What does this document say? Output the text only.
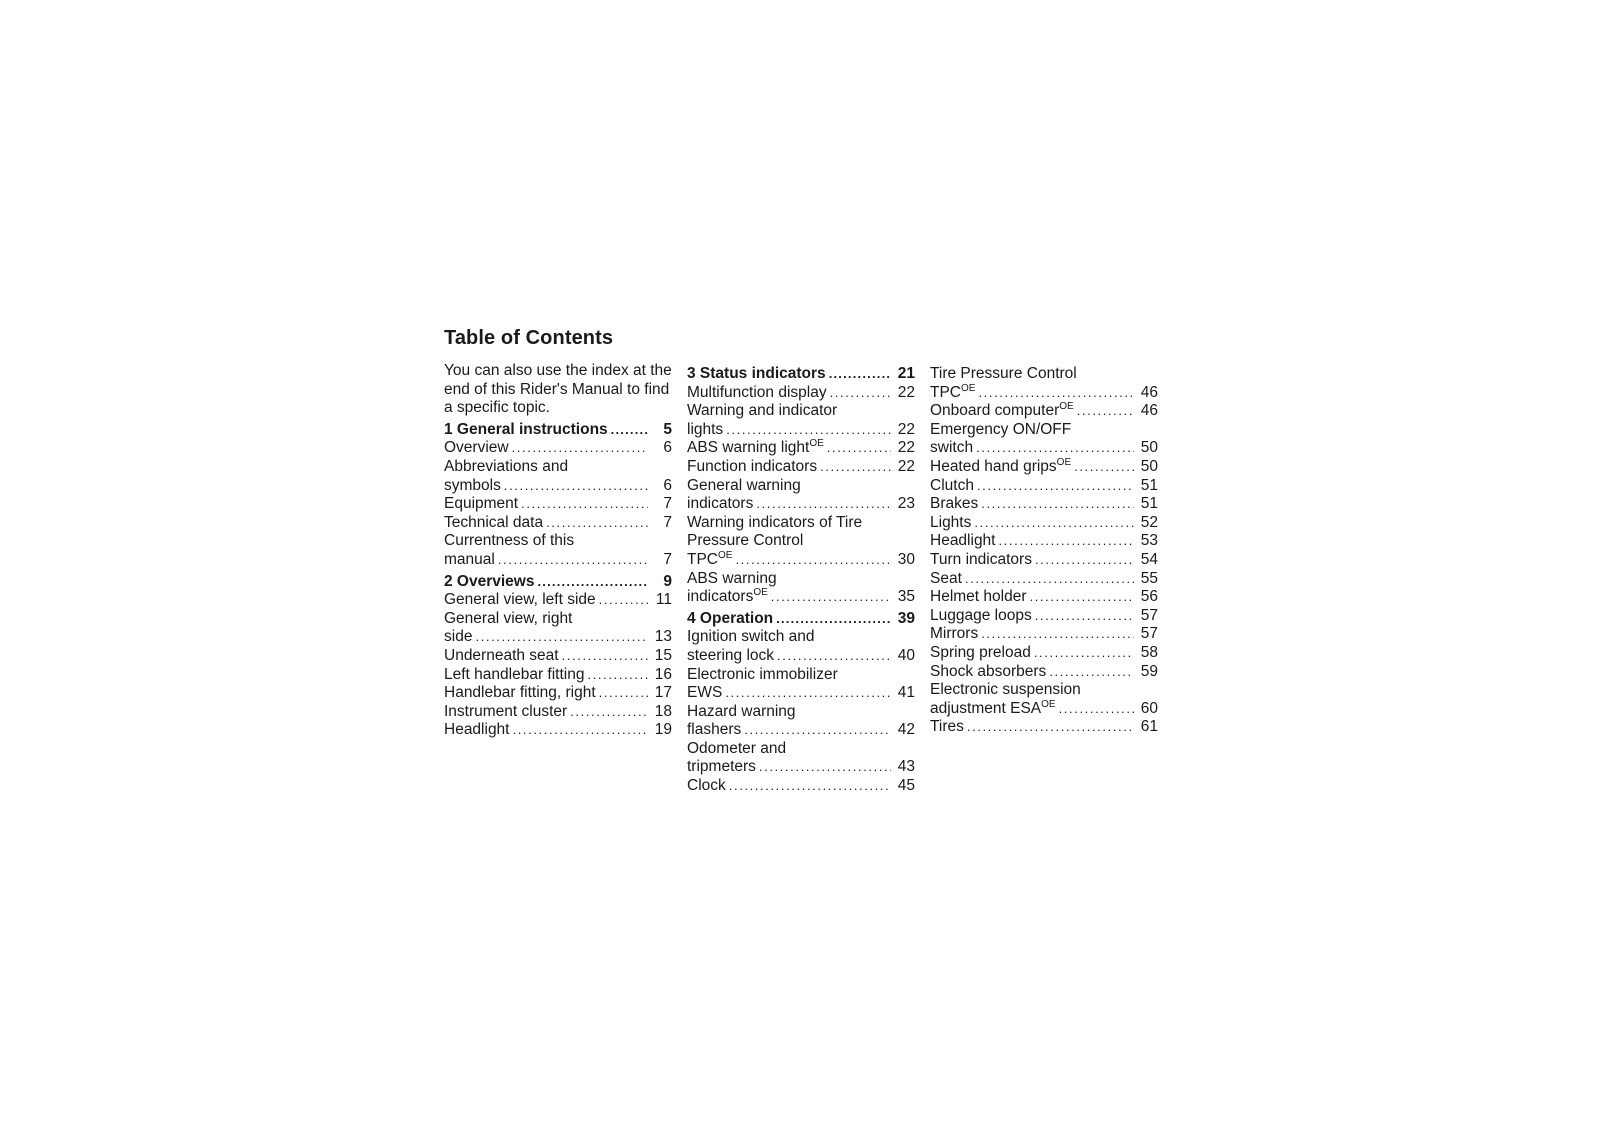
Table of Contents
You can also use the index at the end of this Rider's Manual to find a specific topic.
1 General instructions .....	5
Overview .....	6
Abbreviations and
symbols .....	6
Equipment .....	7
Technical data .....	7
Currentness of this
manual .....	7
2 Overviews .....	9
General view, left side .....	11
General view, right
side .....	13
Underneath seat .....	15
Left handlebar fitting .....	16
Handlebar fitting, right .....	17
Instrument cluster .....	18
Headlight .....	19
3 Status indicators .....	21
Multifunction display .....	22
Warning and indicator
lights .....	22
ABS warning light$^{OE}$ .....	22
Function indicators .....	22
General warning
indicators .....	23
Warning indicators of Tire
Pressure Control
$TPC^{OE}$ .....	30
ABS warning
indicators$^{OE}$ .....	35
4 Operation .....	39
Ignition switch and
steering lock .....	40
Electronic immobilizer
EWS .....	41
Hazard warning
flashers .....	42
Odometer and
tripmeters .....	43
Clock .....	45
Tire Pressure Control
$TPC^{OE}$ .....	46
Onboard computer$^{OE}$ .....	46
Emergency ON/OFF
switch .....	50
Heated hand grips$^{OE}$ .....	50
Clutch .....	51
Brakes .....	51
Lights .....	52
Headlight .....	53
Turn indicators .....	54
Seat .....	55
Helmet holder .....	56
Luggage loops .....	57
Mirrors .....	57
Spring preload .....	58
Shock absorbers .....	59
Electronic suspension
adjustment $ESA^{OE}$ .....	60
Tires .....	61
